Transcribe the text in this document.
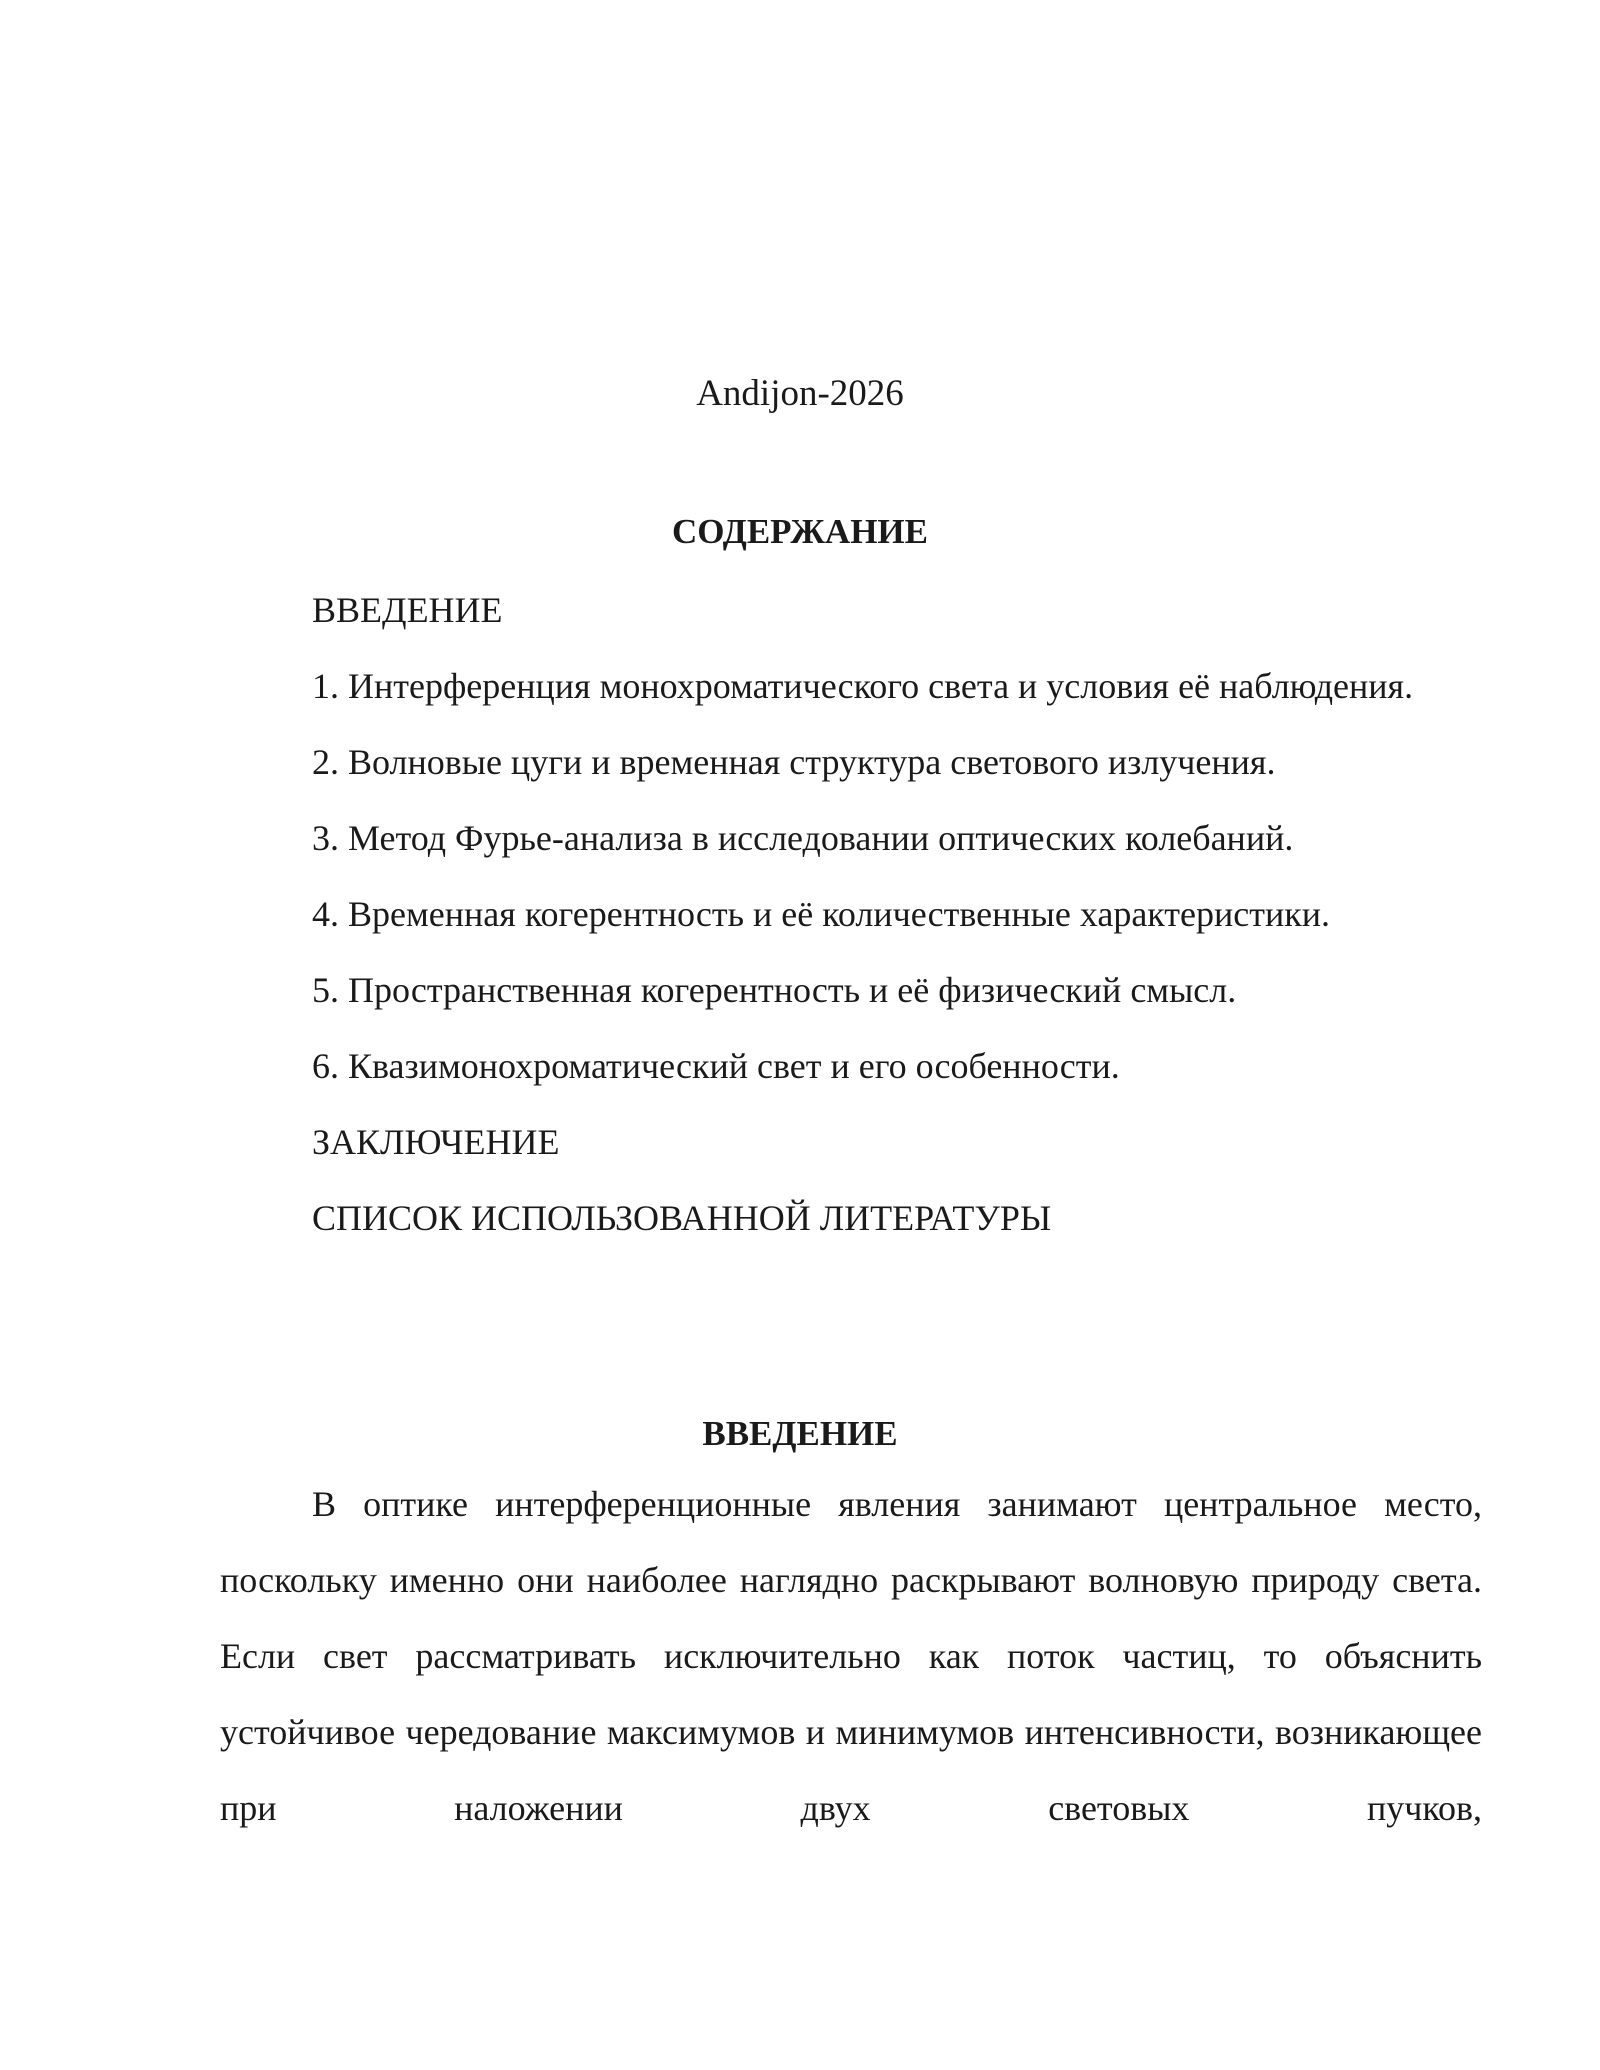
Andijon-2026
СОДЕРЖАНИЕ
ВВЕДЕНИЕ
1. Интерференция монохроматического света и условия её наблюдения.
2. Волновые цуги и временная структура светового излучения.
3. Метод Фурье-анализа в исследовании оптических колебаний.
4. Временная когерентность и её количественные характеристики.
5. Пространственная когерентность и её физический смысл.
6. Квазимонохроматический свет и его особенности.
ЗАКЛЮЧЕНИЕ
СПИСОК ИСПОЛЬЗОВАННОЙ ЛИТЕРАТУРЫ
ВВЕДЕНИЕ

В оптике интерференционные явления занимают центральное место, поскольку именно они наиболее наглядно раскрывают волновую природу света. Если свет рассматривать исключительно как поток частиц, то объяснить устойчивое чередование максимумов и минимумов интенсивности, возникающее при наложении двух световых пучков,
